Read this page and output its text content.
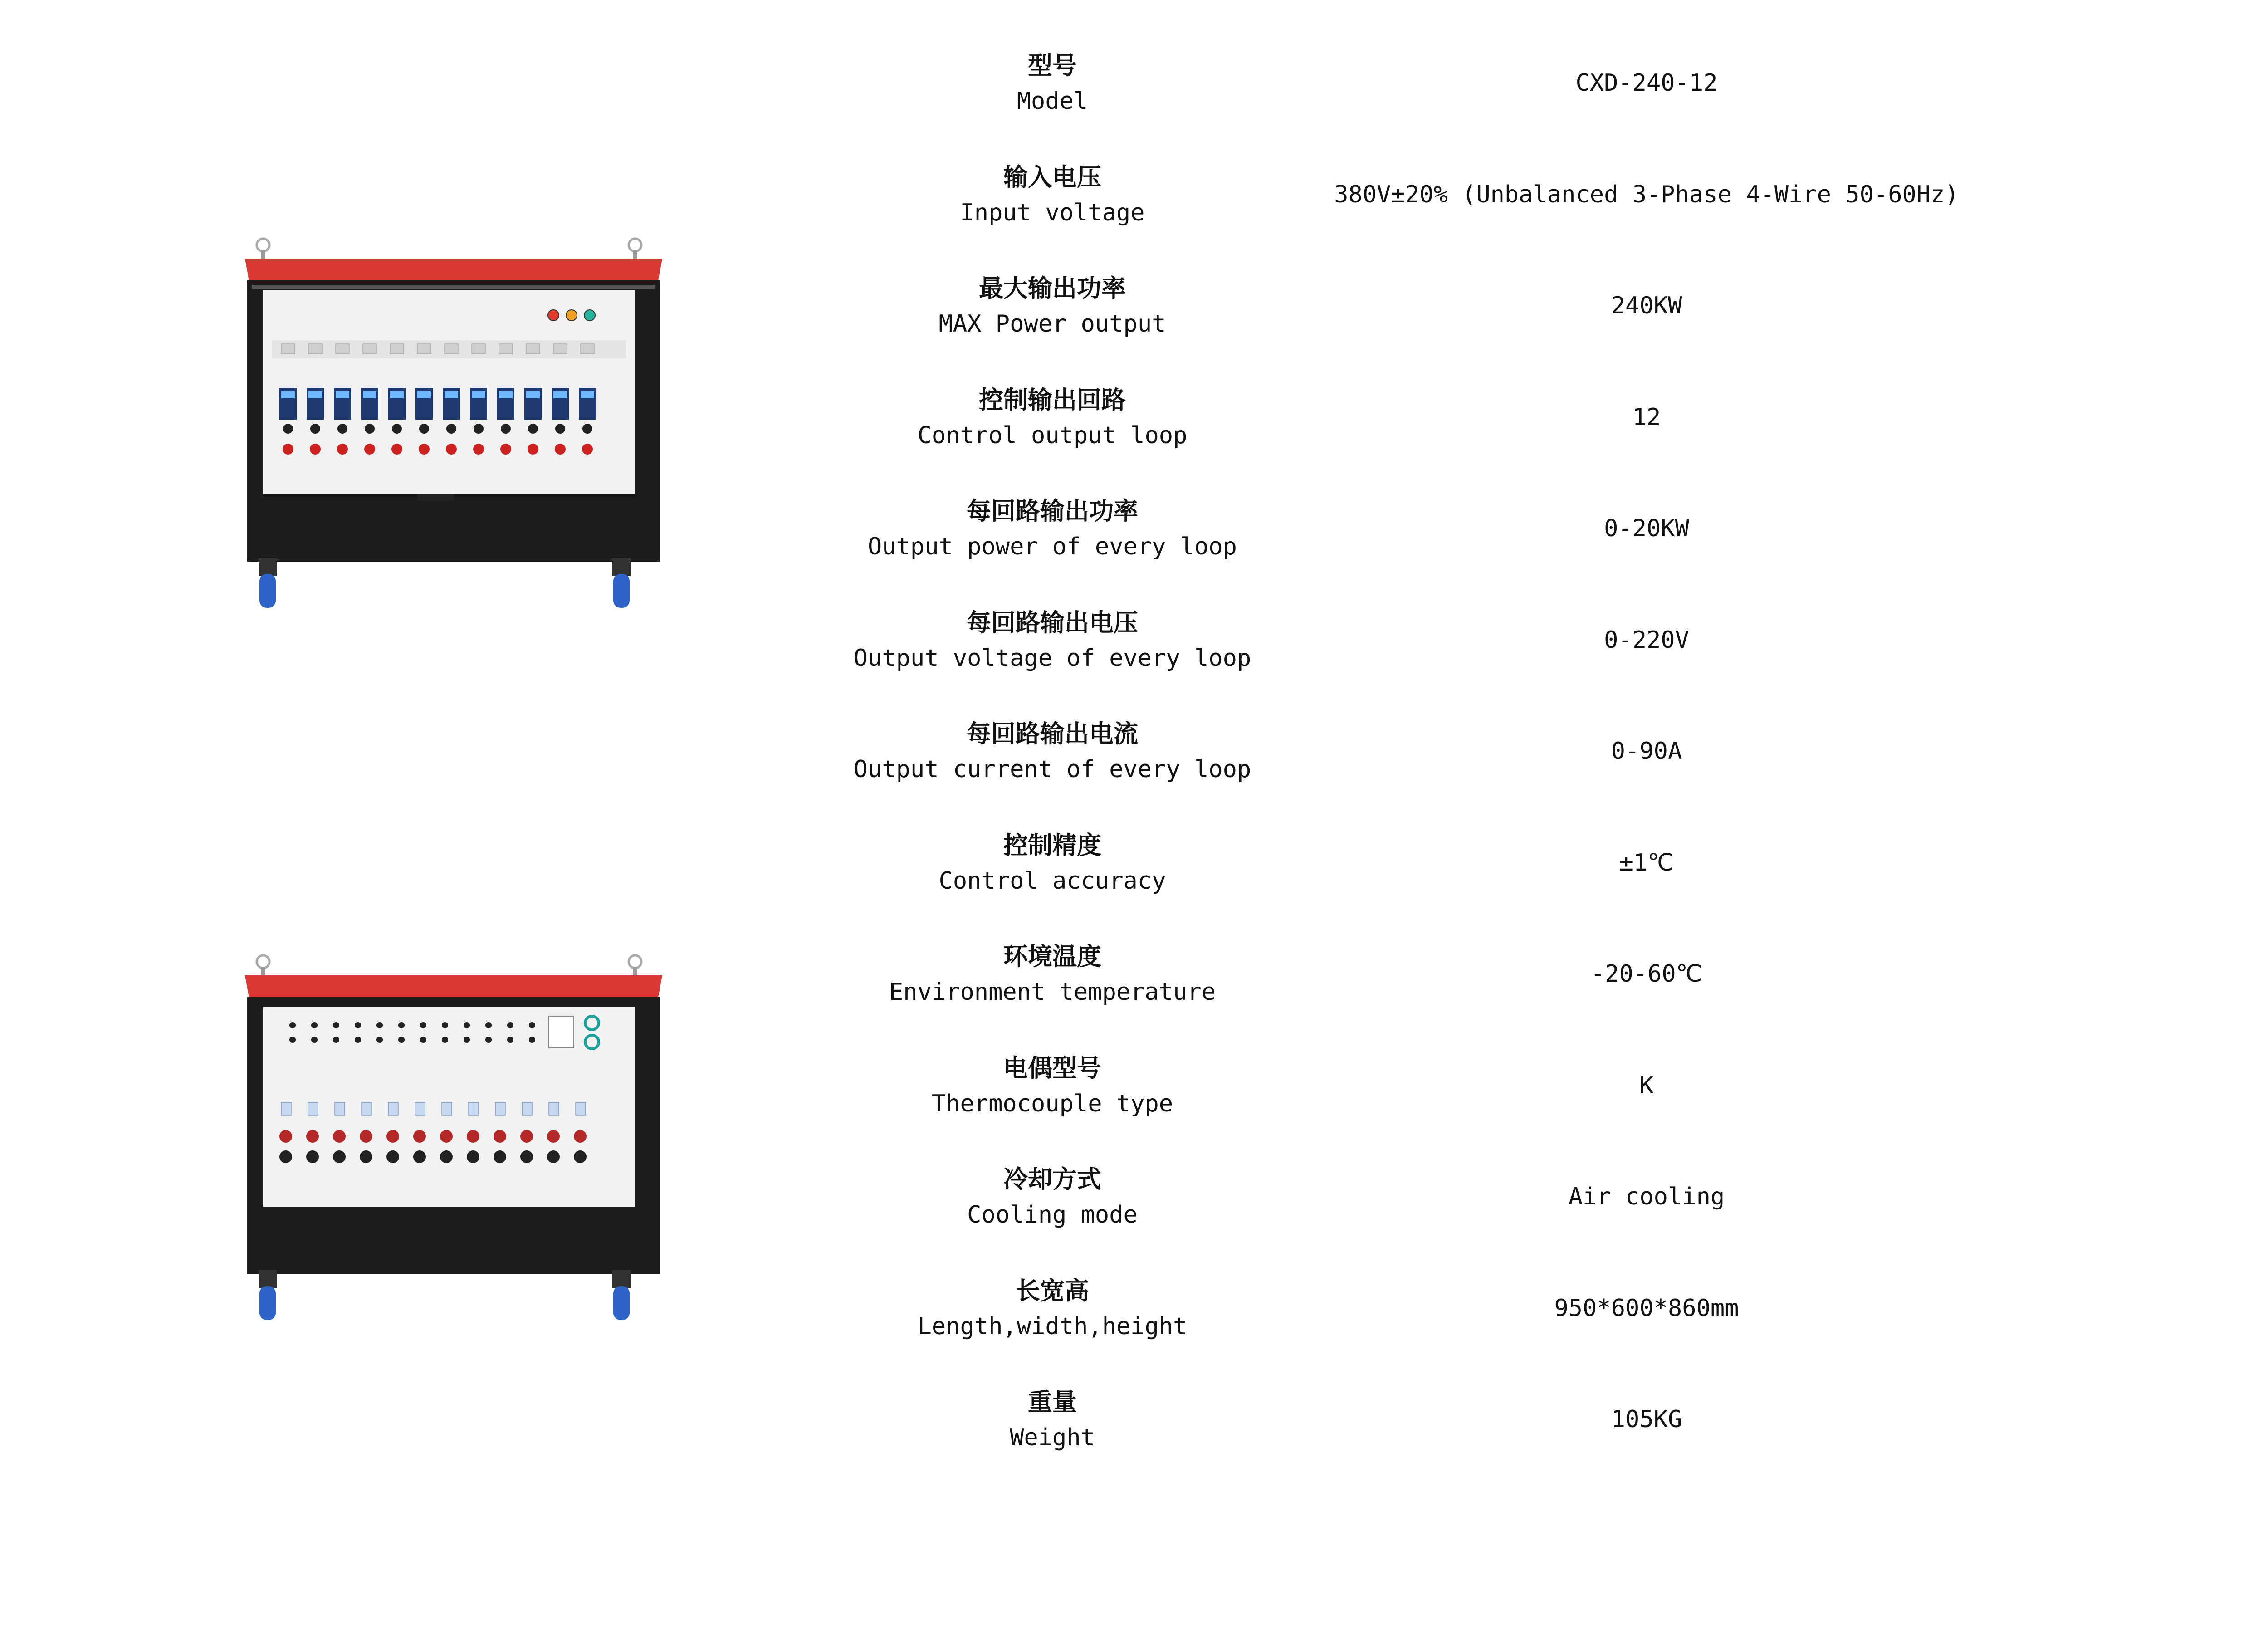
型号
Model
CXD-240-12
输入电压
Input voltage
380V±20% (Unbalanced 3-Phase 4-Wire 50-60Hz)
最大输出功率
MAX Power output
240KW
控制输出回路
Control output loop
12
每回路输出功率
Output power of every loop
0-20KW
每回路输出电压
Output voltage of every loop
0-220V
每回路输出电流
Output current of every loop
0-90A
控制精度
Control accuracy
±1℃
环境温度
Environment temperature
-20-60℃
电偶型号
Thermocouple type
K
冷却方式
Cooling mode
Air cooling
长宽高
Length,width,height
950*600*860mm
重量
Weight
105KG
